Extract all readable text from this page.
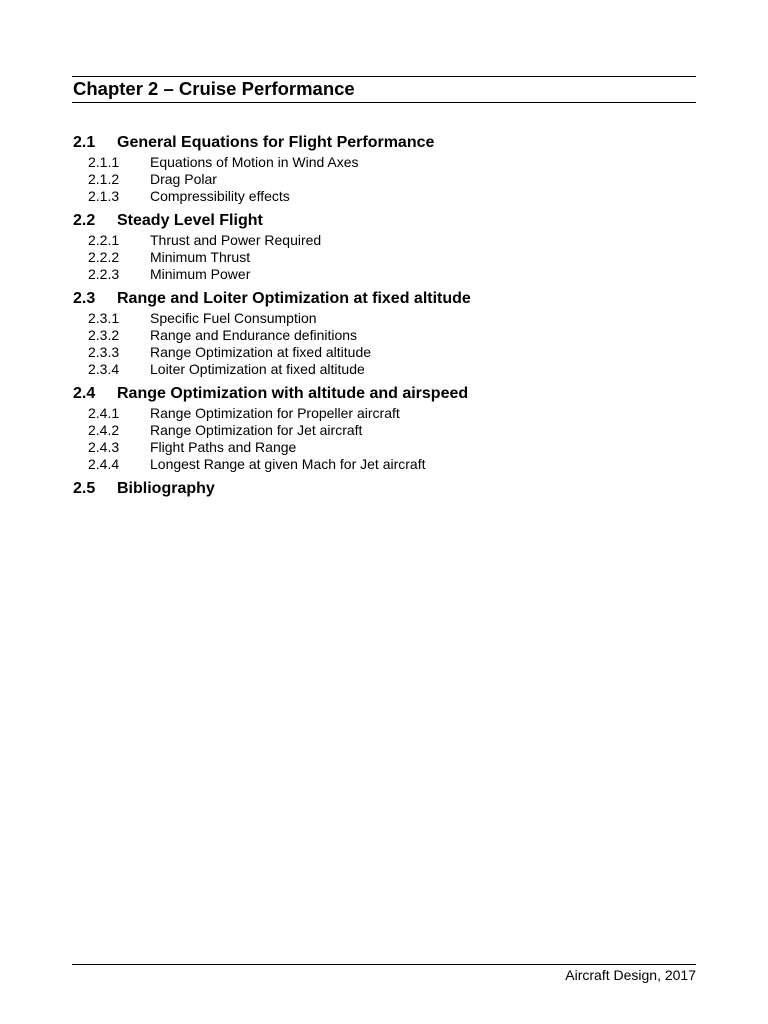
Chapter 2 – Cruise Performance
2.1 General Equations for Flight Performance
2.1.1 Equations of Motion in Wind Axes
2.1.2 Drag Polar
2.1.3 Compressibility effects
2.2 Steady Level Flight
2.2.1 Thrust and Power Required
2.2.2 Minimum Thrust
2.2.3 Minimum Power
2.3 Range and Loiter Optimization at fixed altitude
2.3.1 Specific Fuel Consumption
2.3.2 Range and Endurance definitions
2.3.3 Range Optimization at fixed altitude
2.3.4 Loiter Optimization at fixed altitude
2.4 Range Optimization with altitude and airspeed
2.4.1 Range Optimization for Propeller aircraft
2.4.2 Range Optimization for Jet aircraft
2.4.3 Flight Paths and Range
2.4.4 Longest Range at given Mach for Jet aircraft
2.5 Bibliography
Aircraft Design, 2017
